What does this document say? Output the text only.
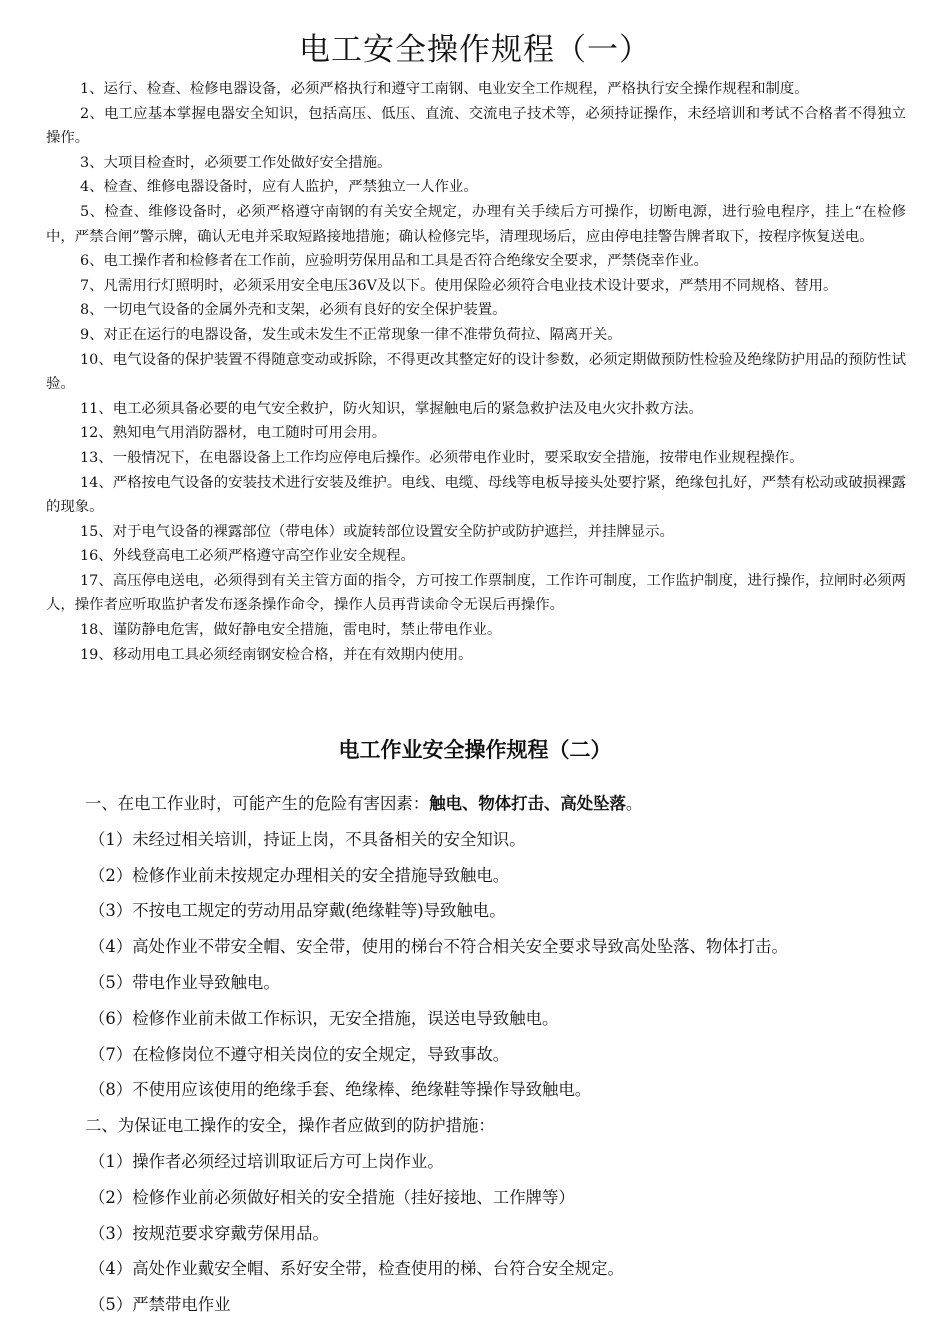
电工安全操作规程（一）

1、运行、检查、检修电器设备，必须严格执行和遵守工南钢、电业安全工作规程，严格执行安全操作规程和制度。

2、电工应基本掌握电器安全知识，包括高压、低压、直流、交流电子技术等，必须持证操作，未经培训和考试不合格者不得独立操作。

3、大项目检查时，必须要工作处做好安全措施。

4、检查、维修电器设备时，应有人监护，严禁独立一人作业。

5、检查、维修设备时，必须严格遵守南钢的有关安全规定，办理有关手续后方可操作，切断电源，进行验电程序，挂上“在检修中，严禁合闸”警示牌，确认无电并采取短路接地措施；确认检修完毕，清理现场后，应由停电挂警告牌者取下，按程序恢复送电。

6、电工操作者和检修者在工作前，应验明劳保用品和工具是否符合绝缘安全要求，严禁侥幸作业。

7、凡需用行灯照明时，必须采用安全电压36V及以下。使用保险必须符合电业技术设计要求，严禁用不同规格、替用。

8、一切电气设备的金属外壳和支架，必须有良好的安全保护装置。

9、对正在运行的电器设备，发生或未发生不正常现象一律不准带负荷拉、隔离开关。

10、电气设备的保护装置不得随意变动或拆除，不得更改其整定好的设计参数，必须定期做预防性检验及绝缘防护用品的预防性试验。

11、电工必须具备必要的电气安全救护，防火知识，掌握触电后的紧急救护法及电火灾扑救方法。

12、熟知电气用消防器材，电工随时可用会用。

13、一般情况下，在电器设备上工作均应停电后操作。必须带电作业时，要采取安全措施，按带电作业规程操作。

14、严格按电气设备的安装技术进行安装及维护。电线、电缆、母线等电板导接头处要拧紧，绝缘包扎好，严禁有松动或破损裸露的现象。

15、对于电气设备的裸露部位（带电体）或旋转部位设置安全防护或防护遮拦，并挂牌显示。

16、外线登高电工必须严格遵守高空作业安全规程。

17、高压停电送电，必须得到有关主管方面的指令，方可按工作票制度，工作许可制度，工作监护制度，进行操作，拉闸时必须两人，操作者应听取监护者发布逐条操作命令，操作人员再背读命令无误后再操作。

18、谨防静电危害，做好静电安全措施，雷电时，禁止带电作业。

19、移动用电工具必须经南钢安检合格，并在有效期内使用。

电工作业安全操作规程（二）

一、在电工作业时，可能产生的危险有害因素：触电、物体打击、高处坠落。

（1）未经过相关培训，持证上岗，不具备相关的安全知识。

（2）检修作业前未按规定办理相关的安全措施导致触电。

（3）不按电工规定的劳动用品穿戴(绝缘鞋等)导致触电。

（4）高处作业不带安全帽、安全带，使用的梯台不符合相关安全要求导致高处坠落、物体打击。

（5）带电作业导致触电。

（6）检修作业前未做工作标识，无安全措施，误送电导致触电。

（7）在检修岗位不遵守相关岗位的安全规定，导致事故。

（8）不使用应该使用的绝缘手套、绝缘棒、绝缘鞋等操作导致触电。

二、为保证电工操作的安全，操作者应做到的防护措施：

（1）操作者必须经过培训取证后方可上岗作业。

（2）检修作业前必须做好相关的安全措施（挂好接地、工作牌等）

（3）按规范要求穿戴劳保用品。

（4）高处作业戴安全帽、系好安全带，检查使用的梯、台符合安全规定。

（5）严禁带电作业
